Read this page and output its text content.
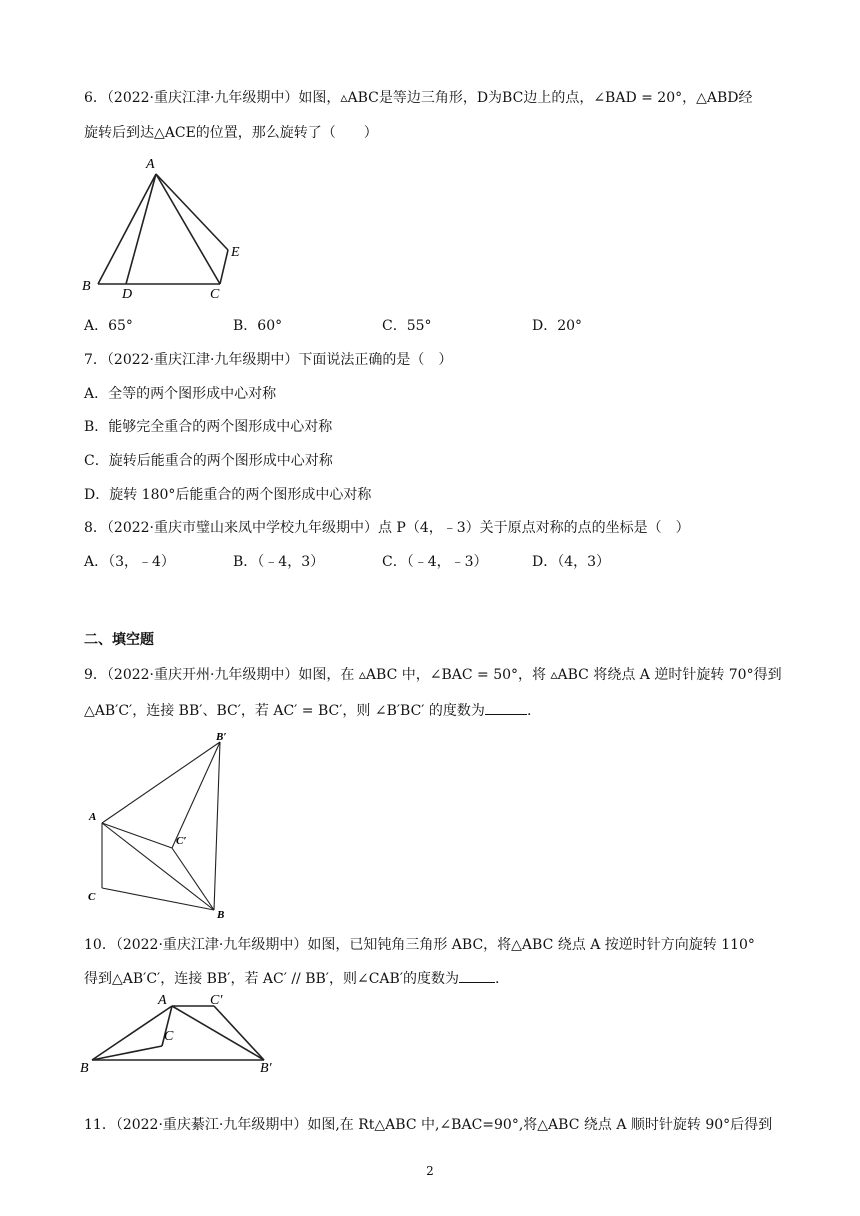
6．（2022·重庆江津·九年级期中）如图，▵ABC是等边三角形，D为BC边上的点，∠BAD = 20°，△ABD经
旋转后到达△ACE的位置，那么旋转了（　　）
A
B
D	C
E
A．65°	B．60°	C．55°	D．20°
7．（2022·重庆江津·九年级期中）下面说法正确的是（　）
A．全等的两个图形成中心对称
B．能够完全重合的两个图形成中心对称
C．旋转后能重合的两个图形成中心对称
D．旋转 180°后能重合的两个图形成中心对称
8．（2022·重庆市璧山来凤中学校九年级期中）点 P（4，﹣3）关于原点对称的点的坐标是（　）
A．（3，﹣4）	B．（﹣4，3）	C．（﹣4，﹣3）	D．（4，3）
二、填空题
9．（2022·重庆开州·九年级期中）如图，在 ▵ABC 中，∠BAC = 50°，将 ▵ABC 将绕点 A 逆时针旋转 70°得到
△AB′C′，连接 BB′、BC′，若 AC′ = BC′，则 ∠B′BC′ 的度数为	.
B′
A
C′
C
B
10．（2022·重庆江津·九年级期中）如图，已知钝角三角形 ABC，将△ABC 绕点 A 按逆时针方向旋转 110°
得到△AB′C′，连接 BB′，若 AC′ // BB′，则∠CAB′的度数为	.
A	C′
C
B	B′
11．（2022·重庆綦江·九年级期中）如图,在 Rt△ABC 中,∠BAC=90°,将△ABC 绕点 A 顺时针旋转 90°后得到
2
